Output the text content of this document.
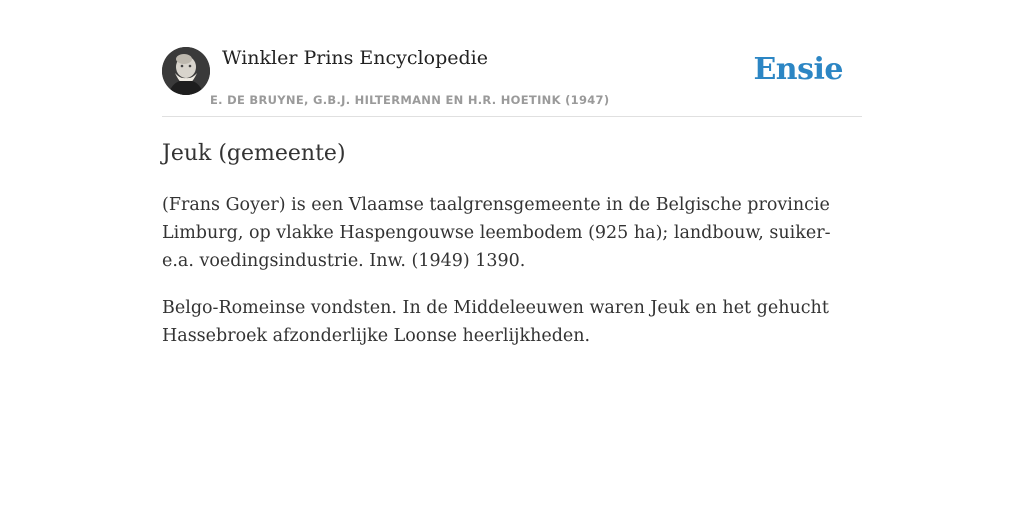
Winkler Prins Encyclopedie
E. DE BRUYNE, G.B.J. HILTERMANN EN H.R. HOETINK (1947)
Ensie
Jeuk (gemeente)

(Frans Goyer) is een Vlaamse taalgrensgemeente in de Belgische provincie Limburg, op vlakke Haspengouwse leembodem (925 ha); landbouw, suiker- e.a. voedingsindustrie. Inw. (1949) 1390.

Belgo-Romeinse vondsten. In de Middeleeuwen waren Jeuk en het gehucht Hassebroek afzonderlijke Loonse heerlijkheden.
